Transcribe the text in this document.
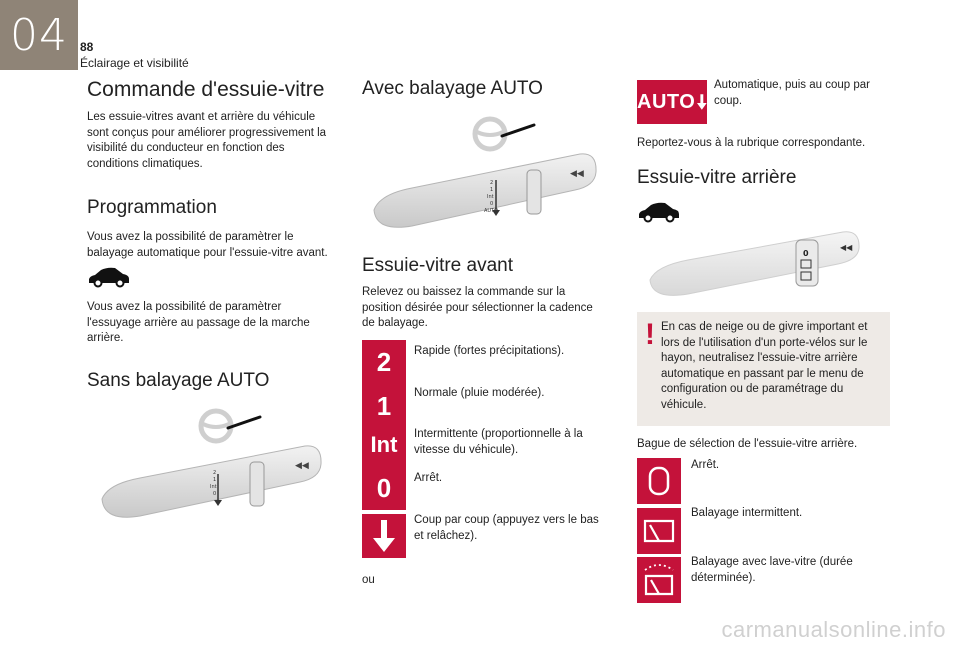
04	88
Éclairage et visibilité
Commande d'essuie-vitre

Les essuie-vitres avant et arrière du véhicule sont conçus pour améliorer progressivement la visibilité du conducteur en fonction des conditions climatiques.

Programmation

Vous avez la possibilité de paramètrer le balayage automatique pour l'essuie-vitre avant.

Vous avez la possibilité de paramètrer l'essuyage arrière au passage de la marche arrière.

Sans balayage AUTO
◀◀
2
1
Int
0
Avec balayage AUTO
◀◀
2
1
Int
0
AUTO
Essuie-vitre avant

Relevez ou baissez la commande sur la position désirée pour sélectionner la cadence de balayage.

2	Rapide (fortes précipitations).
1	Normale (pluie modérée).
Int	Intermittente (proportionnelle à la vitesse du véhicule).
0	Arrêt.
Coup par coup (appuyez vers le bas et relâchez).
ou
AUTO
Automatique, puis au coup par coup.

Reportez-vous à la rubrique correspondante.

Essuie-vitre arrière
0
◀◀
! En cas de neige ou de givre important et lors de l'utilisation d'un porte-vélos sur le hayon, neutralisez l'essuie-vitre arrière automatique en passant par le menu de configuration ou de paramétrage du véhicule.

Bague de sélection de l'essuie-vitre arrière.

Arrêt.
Balayage intermittent.
Balayage avec lave-vitre (durée déterminée).
carmanualsonline.info
